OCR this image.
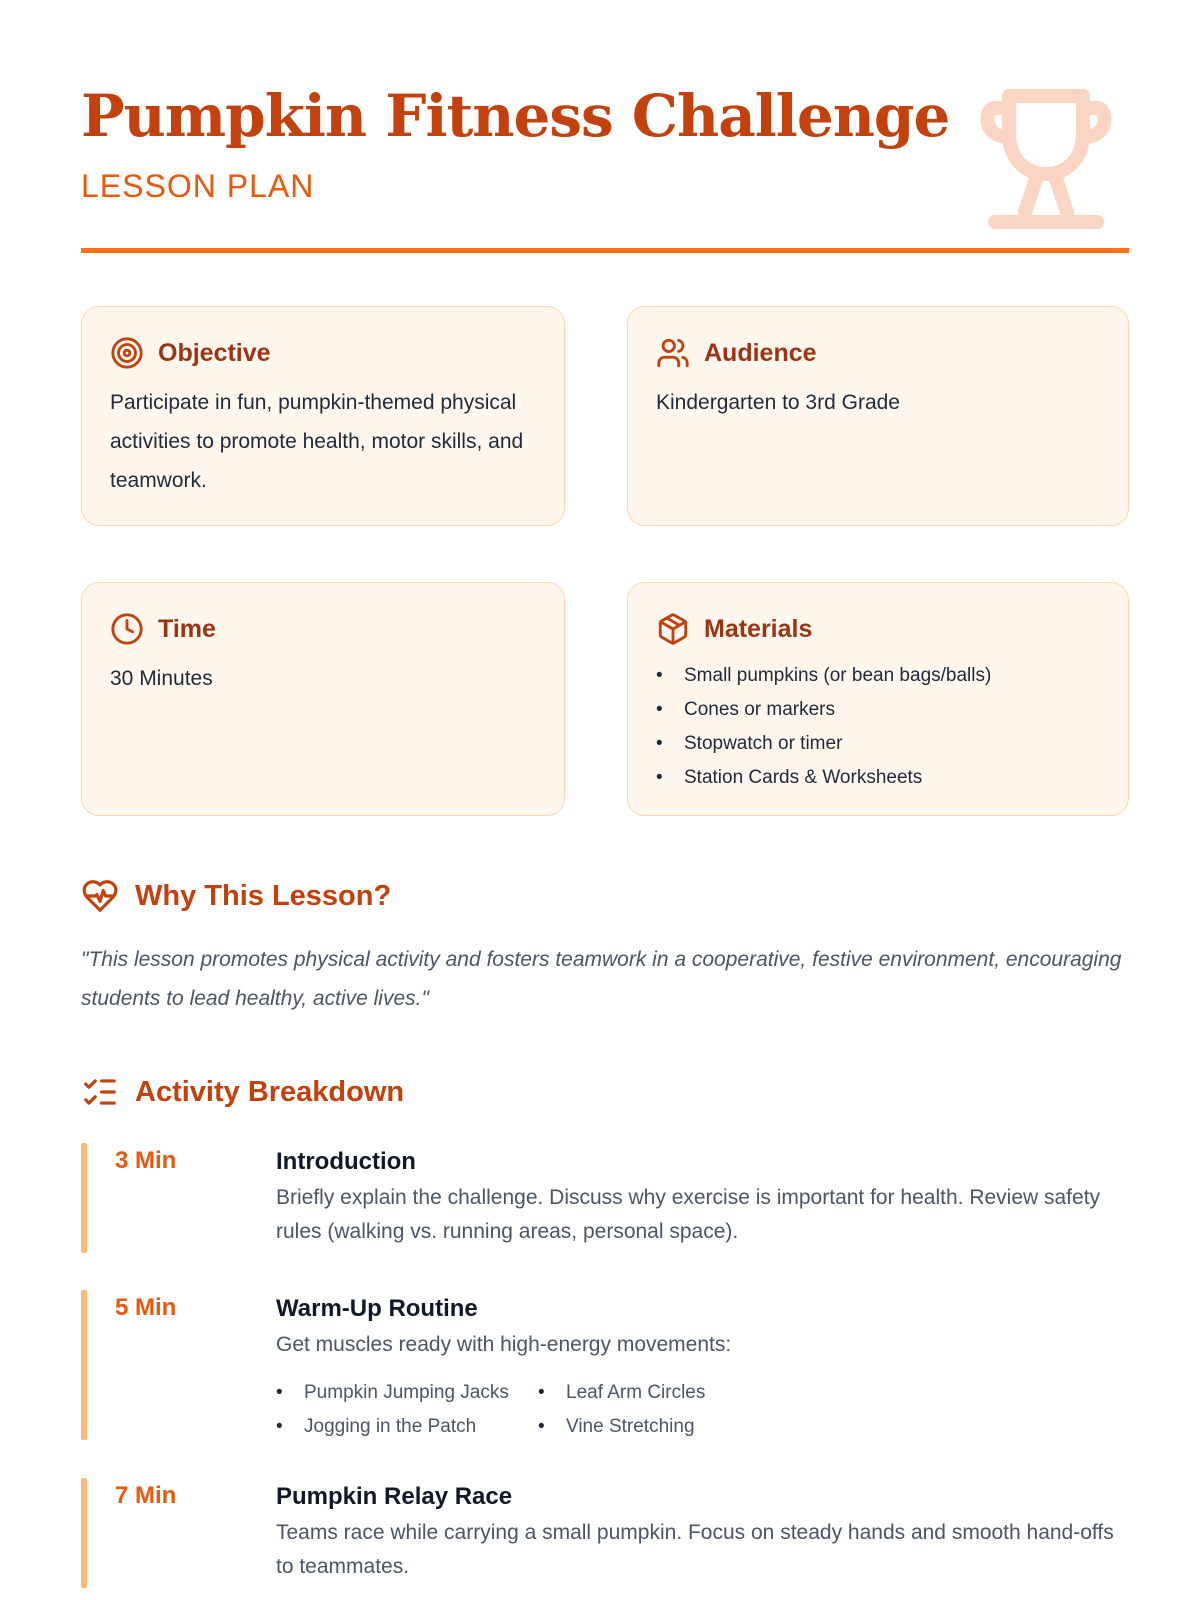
Pumpkin Fitness Challenge
LESSON PLAN
Objective

Participate in fun, pumpkin-themed physical activities to promote health, motor skills, and teamwork.

Audience

Kindergarten to 3rd Grade

Time

30 Minutes

Materials
• Small pumpkins (or bean bags/balls)
• Cones or markers
• Stopwatch or timer
• Station Cards & Worksheets
Why This Lesson?

"This lesson promotes physical activity and fosters teamwork in a cooperative, festive environment, encouraging students to lead healthy, active lives."

Activity Breakdown
3 Min	Introduction

Briefly explain the challenge. Discuss why exercise is important for health. Review safety rules (walking vs. running areas, personal space).

5 Min	Warm-Up Routine

Get muscles ready with high-energy movements:

• Pumpkin Jumping Jacks	• Leaf Arm Circles
• Jogging in the Patch	• Vine Stretching
7 Min	Pumpkin Relay Race

Teams race while carrying a small pumpkin. Focus on steady hands and smooth hand-offs to teammates.
